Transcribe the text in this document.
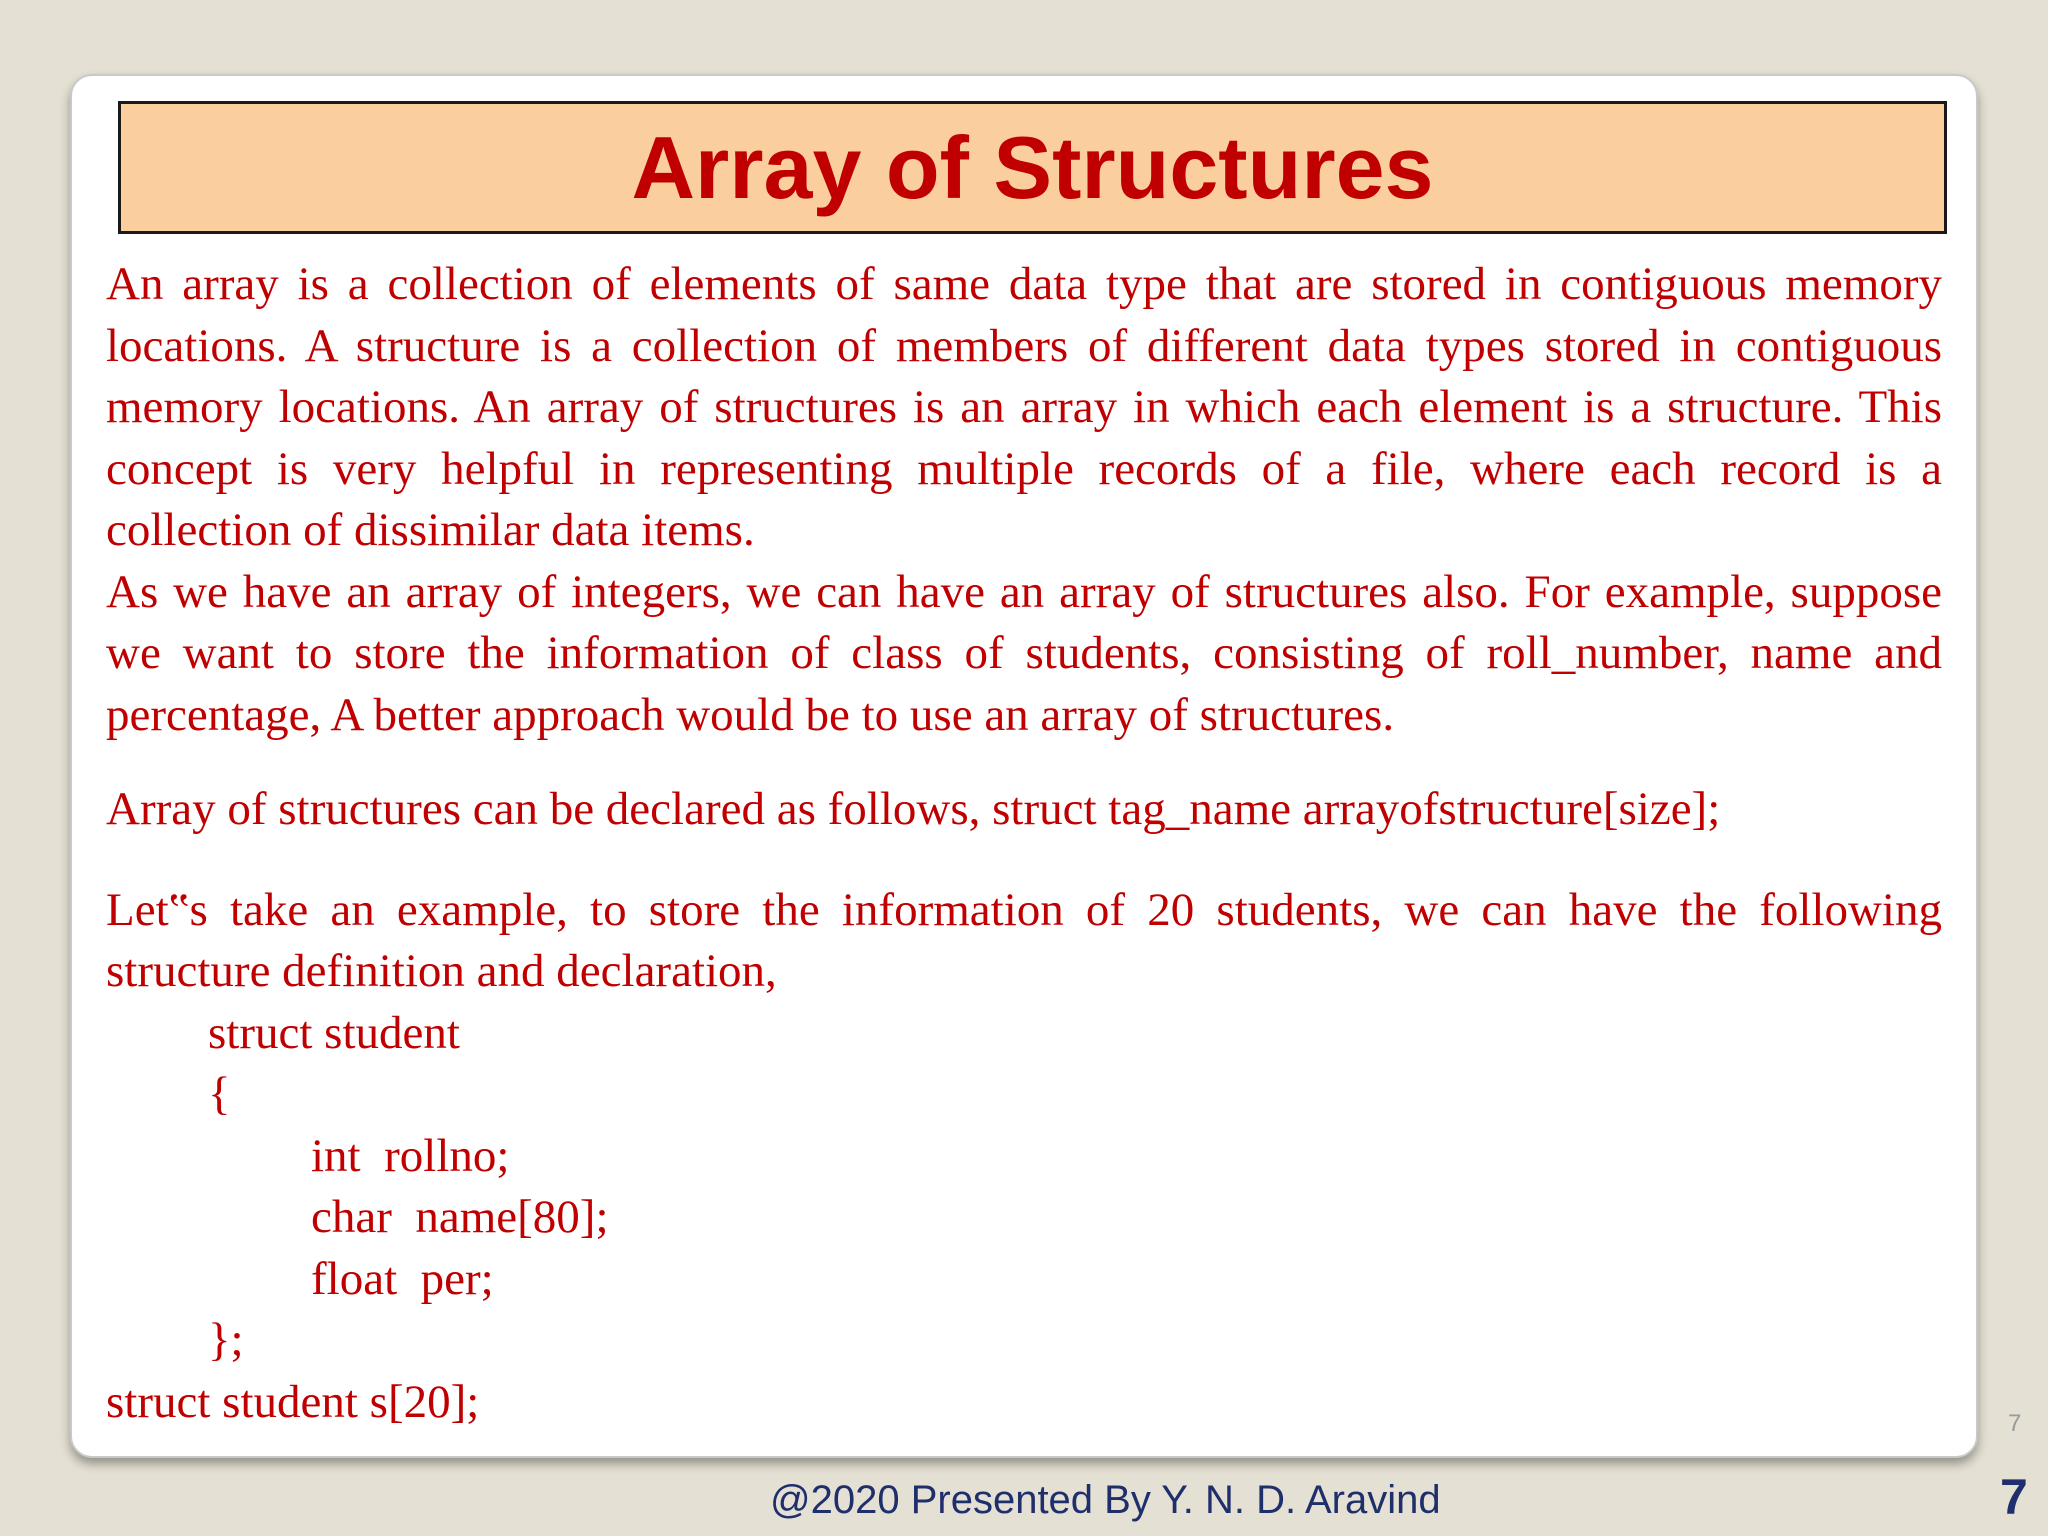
Array of Structures

An array is a collection of elements of same data type that are stored in contiguous memory locations. A structure is a collection of members of different data types stored in contiguous memory locations. An array of structures is an array in which each element is a structure. This concept is very helpful in representing multiple records of a file, where each record is a collection of dissimilar data items.

As we have an array of integers, we can have an array of structures also. For example, suppose we want to store the information of class of students, consisting of roll_number, name and percentage, A better approach would be to use an array of structures.

Array of structures can be declared as follows, struct tag_name arrayofstructure[size];

Let‟s take an example, to store the information of 20 students, we can have the following structure definition and declaration,

struct student

{

int  rollno;

char  name[80];

float  per;

};

struct student s[20];	7
@2020 Presented By Y. N. D. Aravind	7
